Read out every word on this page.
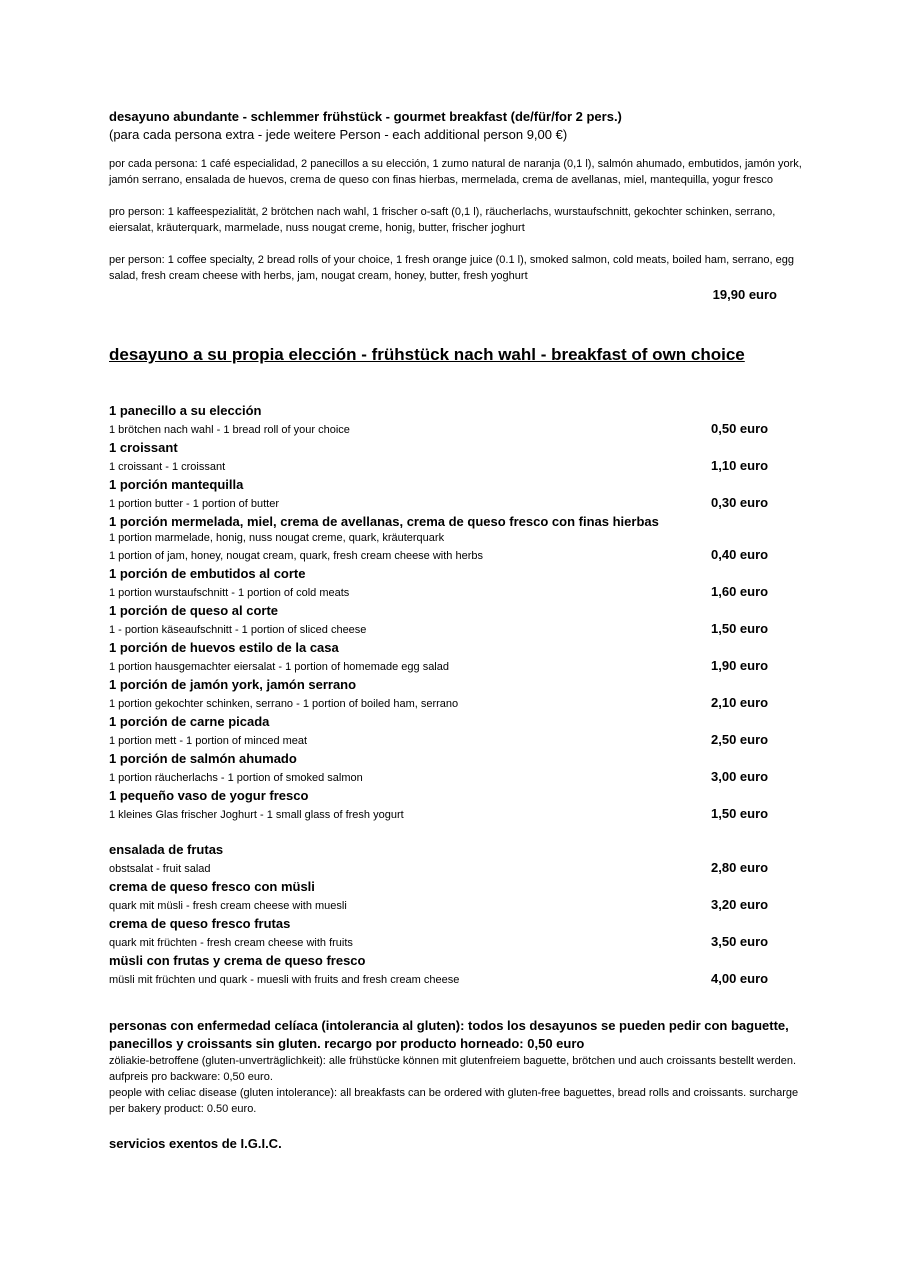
desayuno abundante - schlemmer frühstück - gourmet breakfast (de/für/for 2 pers.)

(para cada persona extra - jede weitere Person - each additional person 9,00 €)

por cada persona: 1 café especialidad, 2 panecillos a su elección, 1 zumo natural de naranja (0,1 l), salmón ahumado, embutidos, jamón york, jamón serrano, ensalada de huevos, crema de queso con finas hierbas, mermelada, crema de avellanas, miel, mantequilla, yogur fresco

pro person: 1 kaffeespezialität, 2 brötchen nach wahl, 1 frischer o-saft (0,1 l), räucherlachs, wurstaufschnitt, gekochter schinken, serrano, eiersalat, kräuterquark, marmelade, nuss nougat creme, honig, butter, frischer joghurt

per person: 1 coffee specialty, 2 bread rolls of your choice, 1 fresh orange juice (0.1 l), smoked salmon, cold meats, boiled ham, serrano, egg salad, fresh cream cheese with herbs, jam, nougat cream, honey, butter, fresh yoghurt

19,90 euro

desayuno a su propia elección - frühstück nach wahl - breakfast of own choice
1 panecillo a su elección
1 brötchen nach wahl - 1 bread roll of your choice	0,50 euro
1 croissant
1 croissant - 1 croissant	1,10 euro
1 porción mantequilla
1 portion butter - 1 portion of butter	0,30 euro
1 porción mermelada, miel, crema de avellanas, crema de queso fresco con finas hierbas
1 portion marmelade, honig, nuss nougat creme, quark, kräuterquark
1 portion of jam, honey, nougat cream, quark, fresh cream cheese with herbs	0,40 euro
1 porción de embutidos al corte
1 portion wurstaufschnitt - 1 portion of cold meats	1,60 euro
1 porción de queso al corte
1 - portion käseaufschnitt - 1 portion of sliced cheese	1,50 euro
1 porción de huevos estilo de la casa
1 portion hausgemachter eiersalat - 1 portion of homemade egg salad	1,90 euro
1 porción de jamón york, jamón serrano
1 portion gekochter schinken, serrano - 1 portion of boiled ham, serrano	2,10 euro
1 porción de carne picada
1 portion mett - 1 portion of minced meat	2,50 euro
1 porción de salmón ahumado
1 portion räucherlachs - 1 portion of smoked salmon	3,00 euro
1 pequeño vaso de yogur fresco
1 kleines Glas frischer Joghurt - 1 small glass of fresh yogurt	1,50 euro
ensalada de frutas
obstsalat - fruit salad	2,80 euro
crema de queso fresco con müsli
quark mit müsli - fresh cream cheese with muesli	3,20 euro
crema de queso fresco frutas
quark mit früchten - fresh cream cheese with fruits	3,50 euro
müsli con frutas y crema de queso fresco
müsli mit früchten und quark - muesli with fruits and fresh cream cheese	4,00 euro

personas con enfermedad celíaca (intolerancia al gluten): todos los desayunos se pueden pedir con baguette, panecillos y croissants sin gluten. recargo por producto horneado: 0,50 euro

zöliakie-betroffene (gluten-unverträglichkeit): alle frühstücke können mit glutenfreiem baguette, brötchen und auch croissants bestellt werden. aufpreis pro backware: 0,50 euro.

people with celiac disease (gluten intolerance): all breakfasts can be ordered with gluten-free baguettes, bread rolls and croissants. surcharge per bakery product: 0.50 euro.

servicios exentos de I.G.I.C.
